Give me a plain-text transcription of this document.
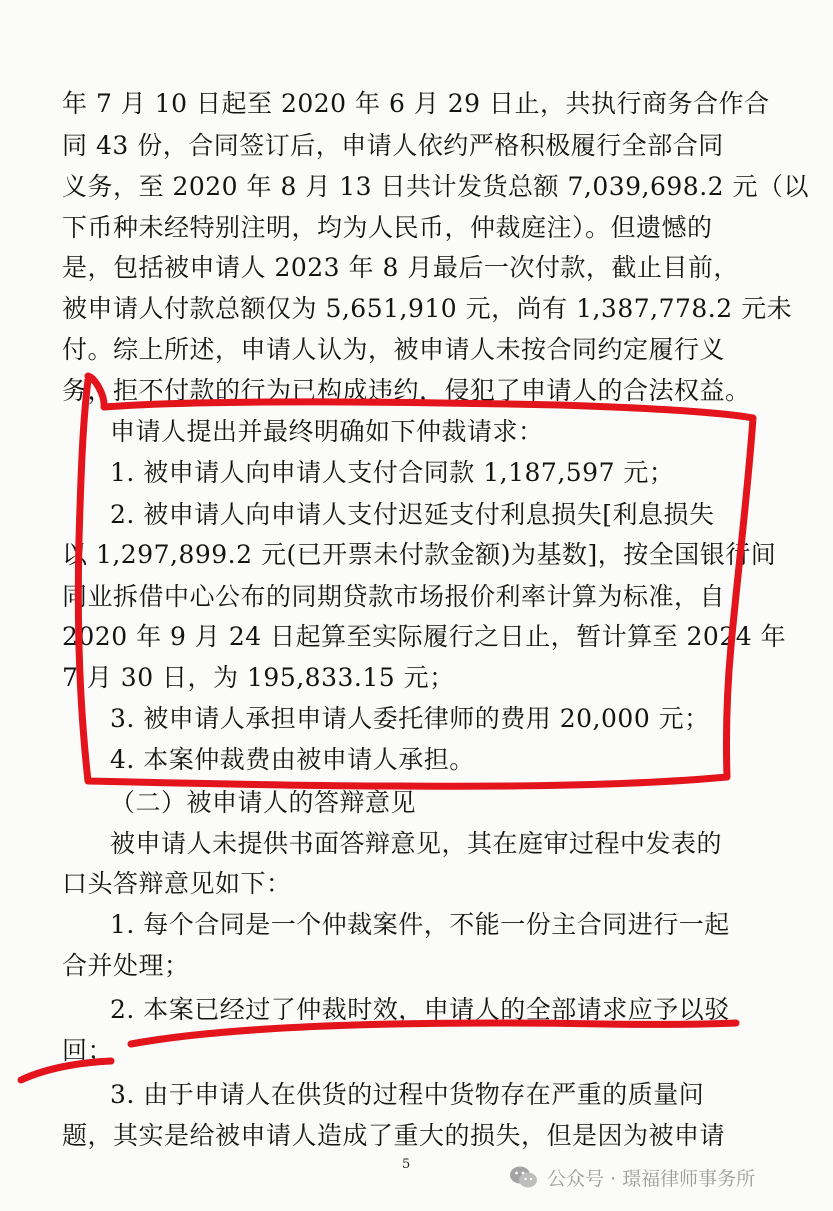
年 7 月 10 日起至 2020 年 6 月 29 日止，共执行商务合作合
同 43 份，合同签订后，申请人依约严格积极履行全部合同
义务，至 2020 年 8 月 13 日共计发货总额 7,039,698.2 元（以
下币种未经特别注明，均为人民币，仲裁庭注）。但遗憾的
是，包括被申请人 2023 年 8 月最后一次付款，截止目前，
被申请人付款总额仅为 5,651,910 元，尚有 1,387,778.2 元未
付。综上所述，申请人认为，被申请人未按合同约定履行义
务，拒不付款的行为已构成违约，侵犯了申请人的合法权益。
申请人提出并最终明确如下仲裁请求：
1. 被申请人向申请人支付合同款 1,187,597 元；
2. 被申请人向申请人支付迟延支付利息损失[利息损失
以 1,297,899.2 元(已开票未付款金额)为基数]，按全国银行间
同业拆借中心公布的同期贷款市场报价利率计算为标准，自
2020 年 9 月 24 日起算至实际履行之日止，暂计算至 2024 年
7 月 30 日，为 195,833.15 元；
3. 被申请人承担申请人委托律师的费用 20,000 元；
4. 本案仲裁费由被申请人承担。
（二）被申请人的答辩意见
被申请人未提供书面答辩意见，其在庭审过程中发表的
口头答辩意见如下：
1. 每个合同是一个仲裁案件，不能一份主合同进行一起
合并处理；
2. 本案已经过了仲裁时效，申请人的全部请求应予以驳
回；
3. 由于申请人在供货的过程中货物存在严重的质量问
题，其实是给被申请人造成了重大的损失，但是因为被申请
5
公众号 · 璟福律师事务所
